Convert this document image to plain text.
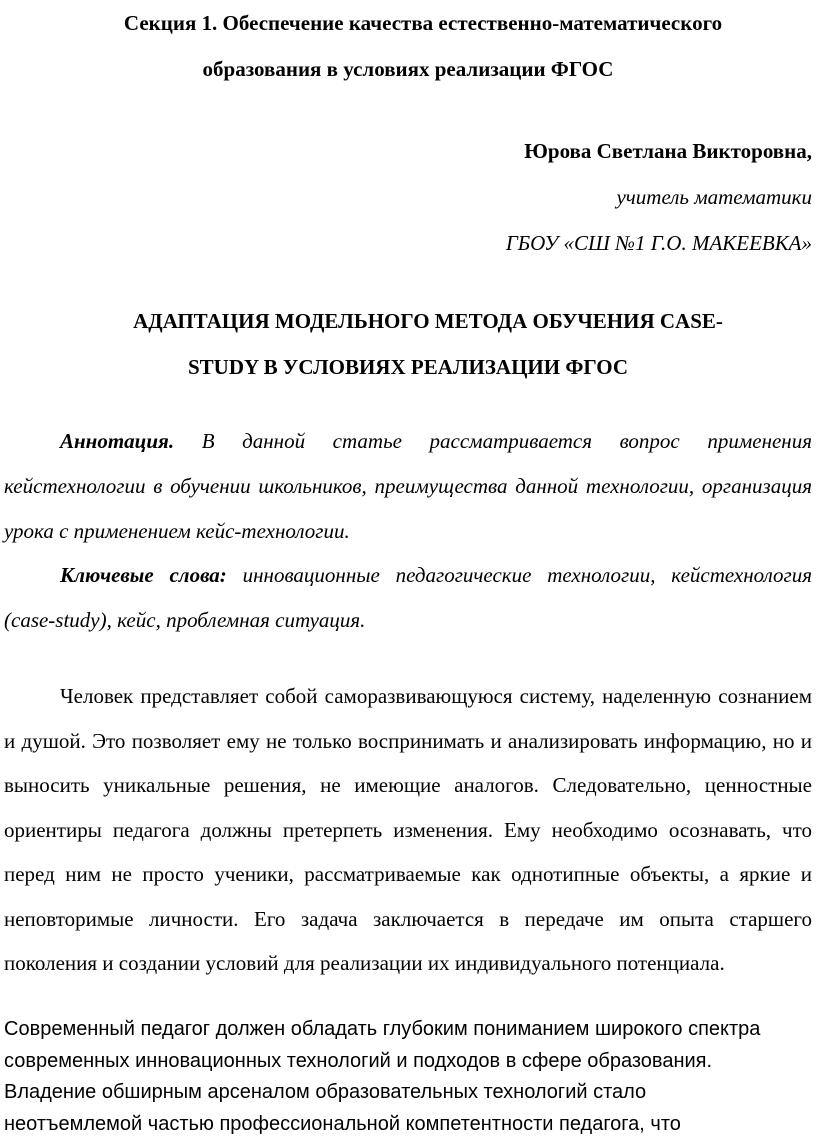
Секция 1. Обеспечение качества естественно-математического
образования в условиях реализации ФГОС
Юрова Светлана Викторовна,
учитель математики
ГБОУ «СШ №1 Г.О. МАКЕЕВКА»
АДАПТАЦИЯ МОДЕЛЬНОГО МЕТОДА ОБУЧЕНИЯ CASE-
STUDY В УСЛОВИЯХ РЕАЛИЗАЦИИ ФГОС
Аннотация. В данной статье рассматривается вопрос применения кейстехнологии в обучении школьников, преимущества данной технологии, организация урока с применением кейс-технологии.
Ключевые слова: инновационные педагогические технологии, кейстехнология (case-study), кейс, проблемная ситуация.
Человек представляет собой саморазвивающуюся систему, наделенную сознанием и душой. Это позволяет ему не только воспринимать и анализировать информацию, но и выносить уникальные решения, не имеющие аналогов. Следовательно, ценностные ориентиры педагога должны претерпеть изменения. Ему необходимо осознавать, что перед ним не просто ученики, рассматриваемые как однотипные объекты, а яркие и неповторимые личности. Его задача заключается в передаче им опыта старшего поколения и создании условий для реализации их индивидуального потенциала.
Современный педагог должен обладать глубоким пониманием широкого спектра современных инновационных технологий и подходов в сфере образования. Владение обширным арсеналом образовательных технологий стало неотъемлемой частью профессиональной компетентности педагога, что
